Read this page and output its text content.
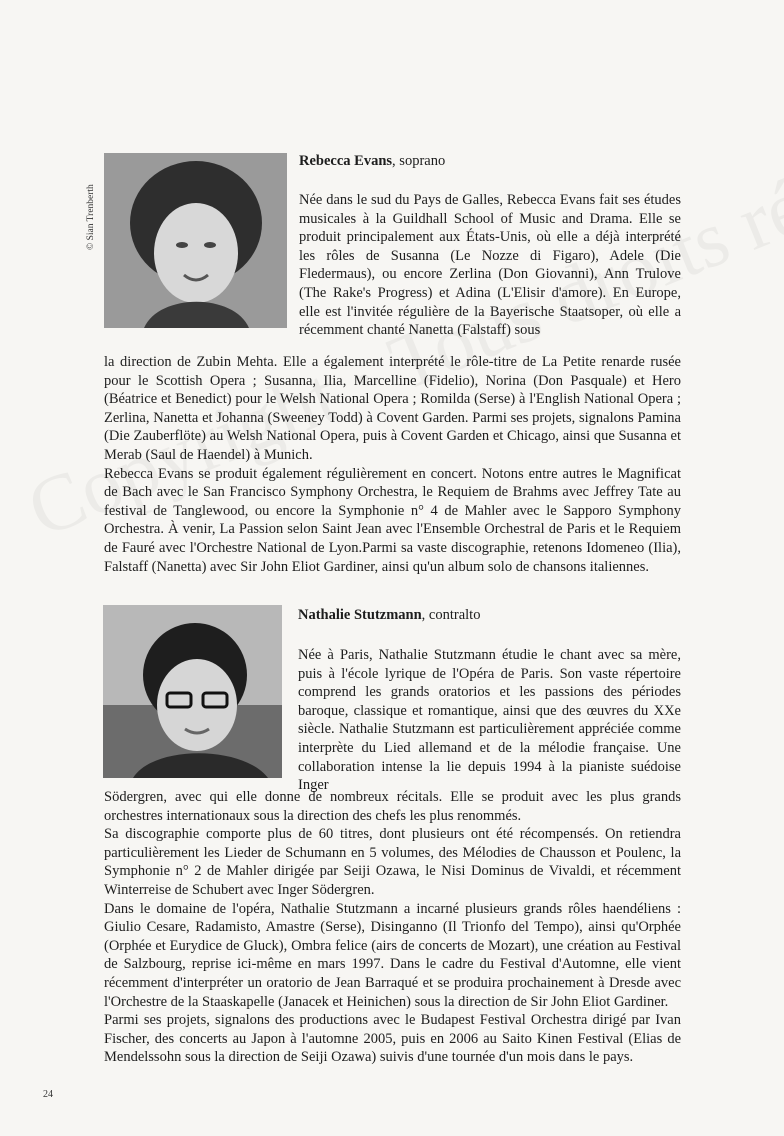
© Sian Trenberth
Rebecca Evans, soprano

Née dans le sud du Pays de Galles, Rebecca Evans fait ses études musicales à la Guildhall School of Music and Drama. Elle se produit principalement aux États-Unis, où elle a déjà interprété les rôles de Susanna (Le Nozze di Figaro), Adele (Die Fledermaus), ou encore Zerlina (Don Giovanni), Ann Trulove (The Rake's Progress) et Adina (L'Elisir d'amore). En Europe, elle est l'invitée régulière de la Bayerische Staatsoper, où elle a récemment chanté Nanetta (Falstaff) sous

la direction de Zubin Mehta. Elle a également interprété le rôle-titre de La Petite renarde rusée pour le Scottish Opera ; Susanna, Ilia, Marcelline (Fidelio), Norina (Don Pasquale) et Hero (Béatrice et Benedict) pour le Welsh National Opera ; Romilda (Serse) à l'English National Opera ; Zerlina, Nanetta et Johanna (Sweeney Todd) à Covent Garden. Parmi ses projets, signalons Pamina (Die Zauberflöte) au Welsh National Opera, puis à Covent Garden et Chicago, ainsi que Susanna et Merab (Saul de Haendel) à Munich.

Rebecca Evans se produit également régulièrement en concert. Notons entre autres le Magnificat de Bach avec le San Francisco Symphony Orchestra, le Requiem de Brahms avec Jeffrey Tate au festival de Tanglewood, ou encore la Symphonie n° 4 de Mahler avec le Sapporo Symphony Orchestra. À venir, La Passion selon Saint Jean avec l'Ensemble Orchestral de Paris et le Requiem de Fauré avec l'Orchestre National de Lyon.Parmi sa vaste discographie, retenons Idomeneo (Ilia), Falstaff (Nanetta) avec Sir John Eliot Gardiner, ainsi qu'un album solo de chansons italiennes.

Nathalie Stutzmann, contralto

Née à Paris, Nathalie Stutzmann étudie le chant avec sa mère, puis à l'école lyrique de l'Opéra de Paris. Son vaste répertoire comprend les grands oratorios et les passions des périodes baroque, classique et romantique, ainsi que des œuvres du XXe siècle. Nathalie Stutzmann est particulièrement appréciée comme interprète du Lied allemand et de la mélodie française. Une collaboration intense la lie depuis 1994 à la pianiste suédoise Inger

Södergren, avec qui elle donne de nombreux récitals. Elle se produit avec les plus grands orchestres internationaux sous la direction des chefs les plus renommés.

Sa discographie comporte plus de 60 titres, dont plusieurs ont été récompensés. On retiendra particulièrement les Lieder de Schumann en 5 volumes, des Mélodies de Chausson et Poulenc, la Symphonie n° 2 de Mahler dirigée par Seiji Ozawa, le Nisi Dominus de Vivaldi, et récemment Winterreise de Schubert avec Inger Södergren.

Dans le domaine de l'opéra, Nathalie Stutzmann a incarné plusieurs grands rôles haendéliens : Giulio Cesare, Radamisto, Amastre (Serse), Disinganno (Il Trionfo del Tempo), ainsi qu'Orphée (Orphée et Eurydice de Gluck), Ombra felice (airs de concerts de Mozart), une création au Festival de Salzbourg, reprise ici-même en mars 1997. Dans le cadre du Festival d'Automne, elle vient récemment d'interpréter un oratorio de Jean Barraqué et se produira prochainement à Dresde avec l'Orchestre de la Staaskapelle (Janacek et Heinichen) sous la direction de Sir John Eliot Gardiner.

Parmi ses projets, signalons des productions avec le Budapest Festival Orchestra dirigé par Ivan Fischer, des concerts au Japon à l'automne 2005, puis en 2006 au Saito Kinen Festival (Elias de Mendelssohn sous la direction de Seiji Ozawa) suivis d'une tournée d'un mois dans le pays.

24
